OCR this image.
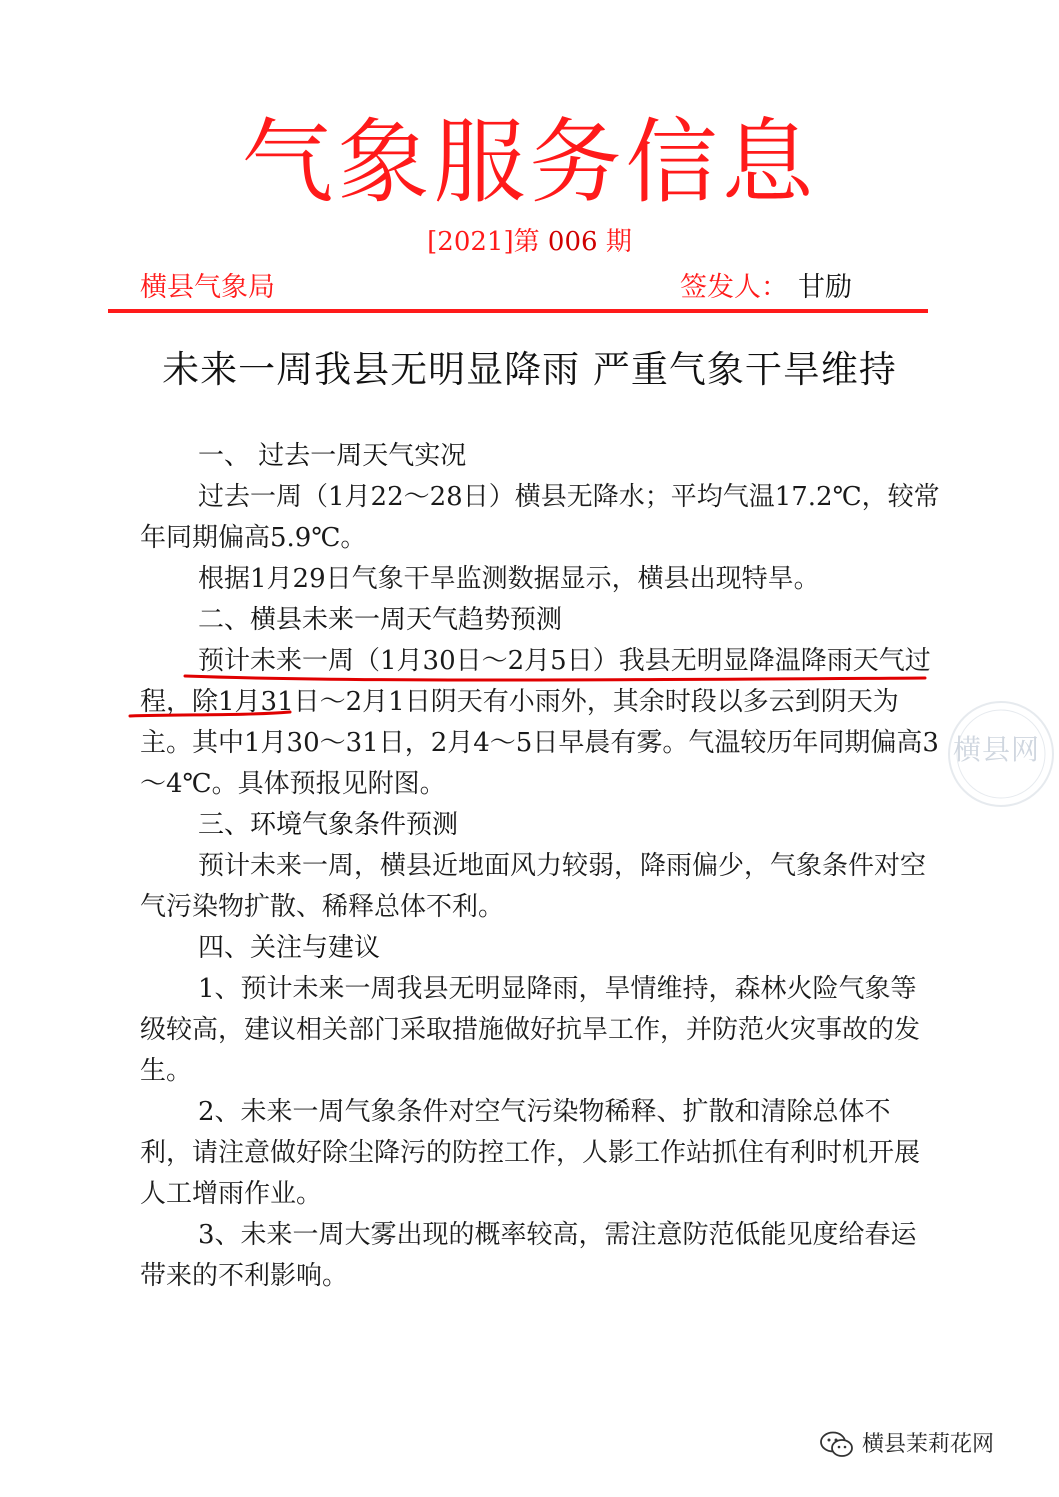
气象服务信息
[2021]第 006 期
横县气象局	签发人： 甘励
未来一周我县无明显降雨 严重气象干旱维持

一、 过去一周天气实况

过去一周（1月22～28日）横县无降水；平均气温17.2℃，较常年同期偏高5.9℃。

根据1月29日气象干旱监测数据显示，横县出现特旱。

二、横县未来一周天气趋势预测

预计未来一周（1月30日～2月5日）我县无明显降温降雨天气过程，除1月31日～2月1日阴天有小雨外，其余时段以多云到阴天为主。其中1月30～31日，2月4～5日早晨有雾。气温较历年同期偏高3～4℃。具体预报见附图。

三、环境气象条件预测

预计未来一周，横县近地面风力较弱，降雨偏少，气象条件对空气污染物扩散、稀释总体不利。

四、关注与建议

1、预计未来一周我县无明显降雨，旱情维持，森林火险气象等级较高，建议相关部门采取措施做好抗旱工作，并防范火灾事故的发生。

2、未来一周气象条件对空气污染物稀释、扩散和清除总体不利，请注意做好除尘降污的防控工作，人影工作站抓住有利时机开展人工增雨作业。

3、未来一周大雾出现的概率较高，需注意防范低能见度给春运带来的不利影响。

横县网
横县茉莉花网
